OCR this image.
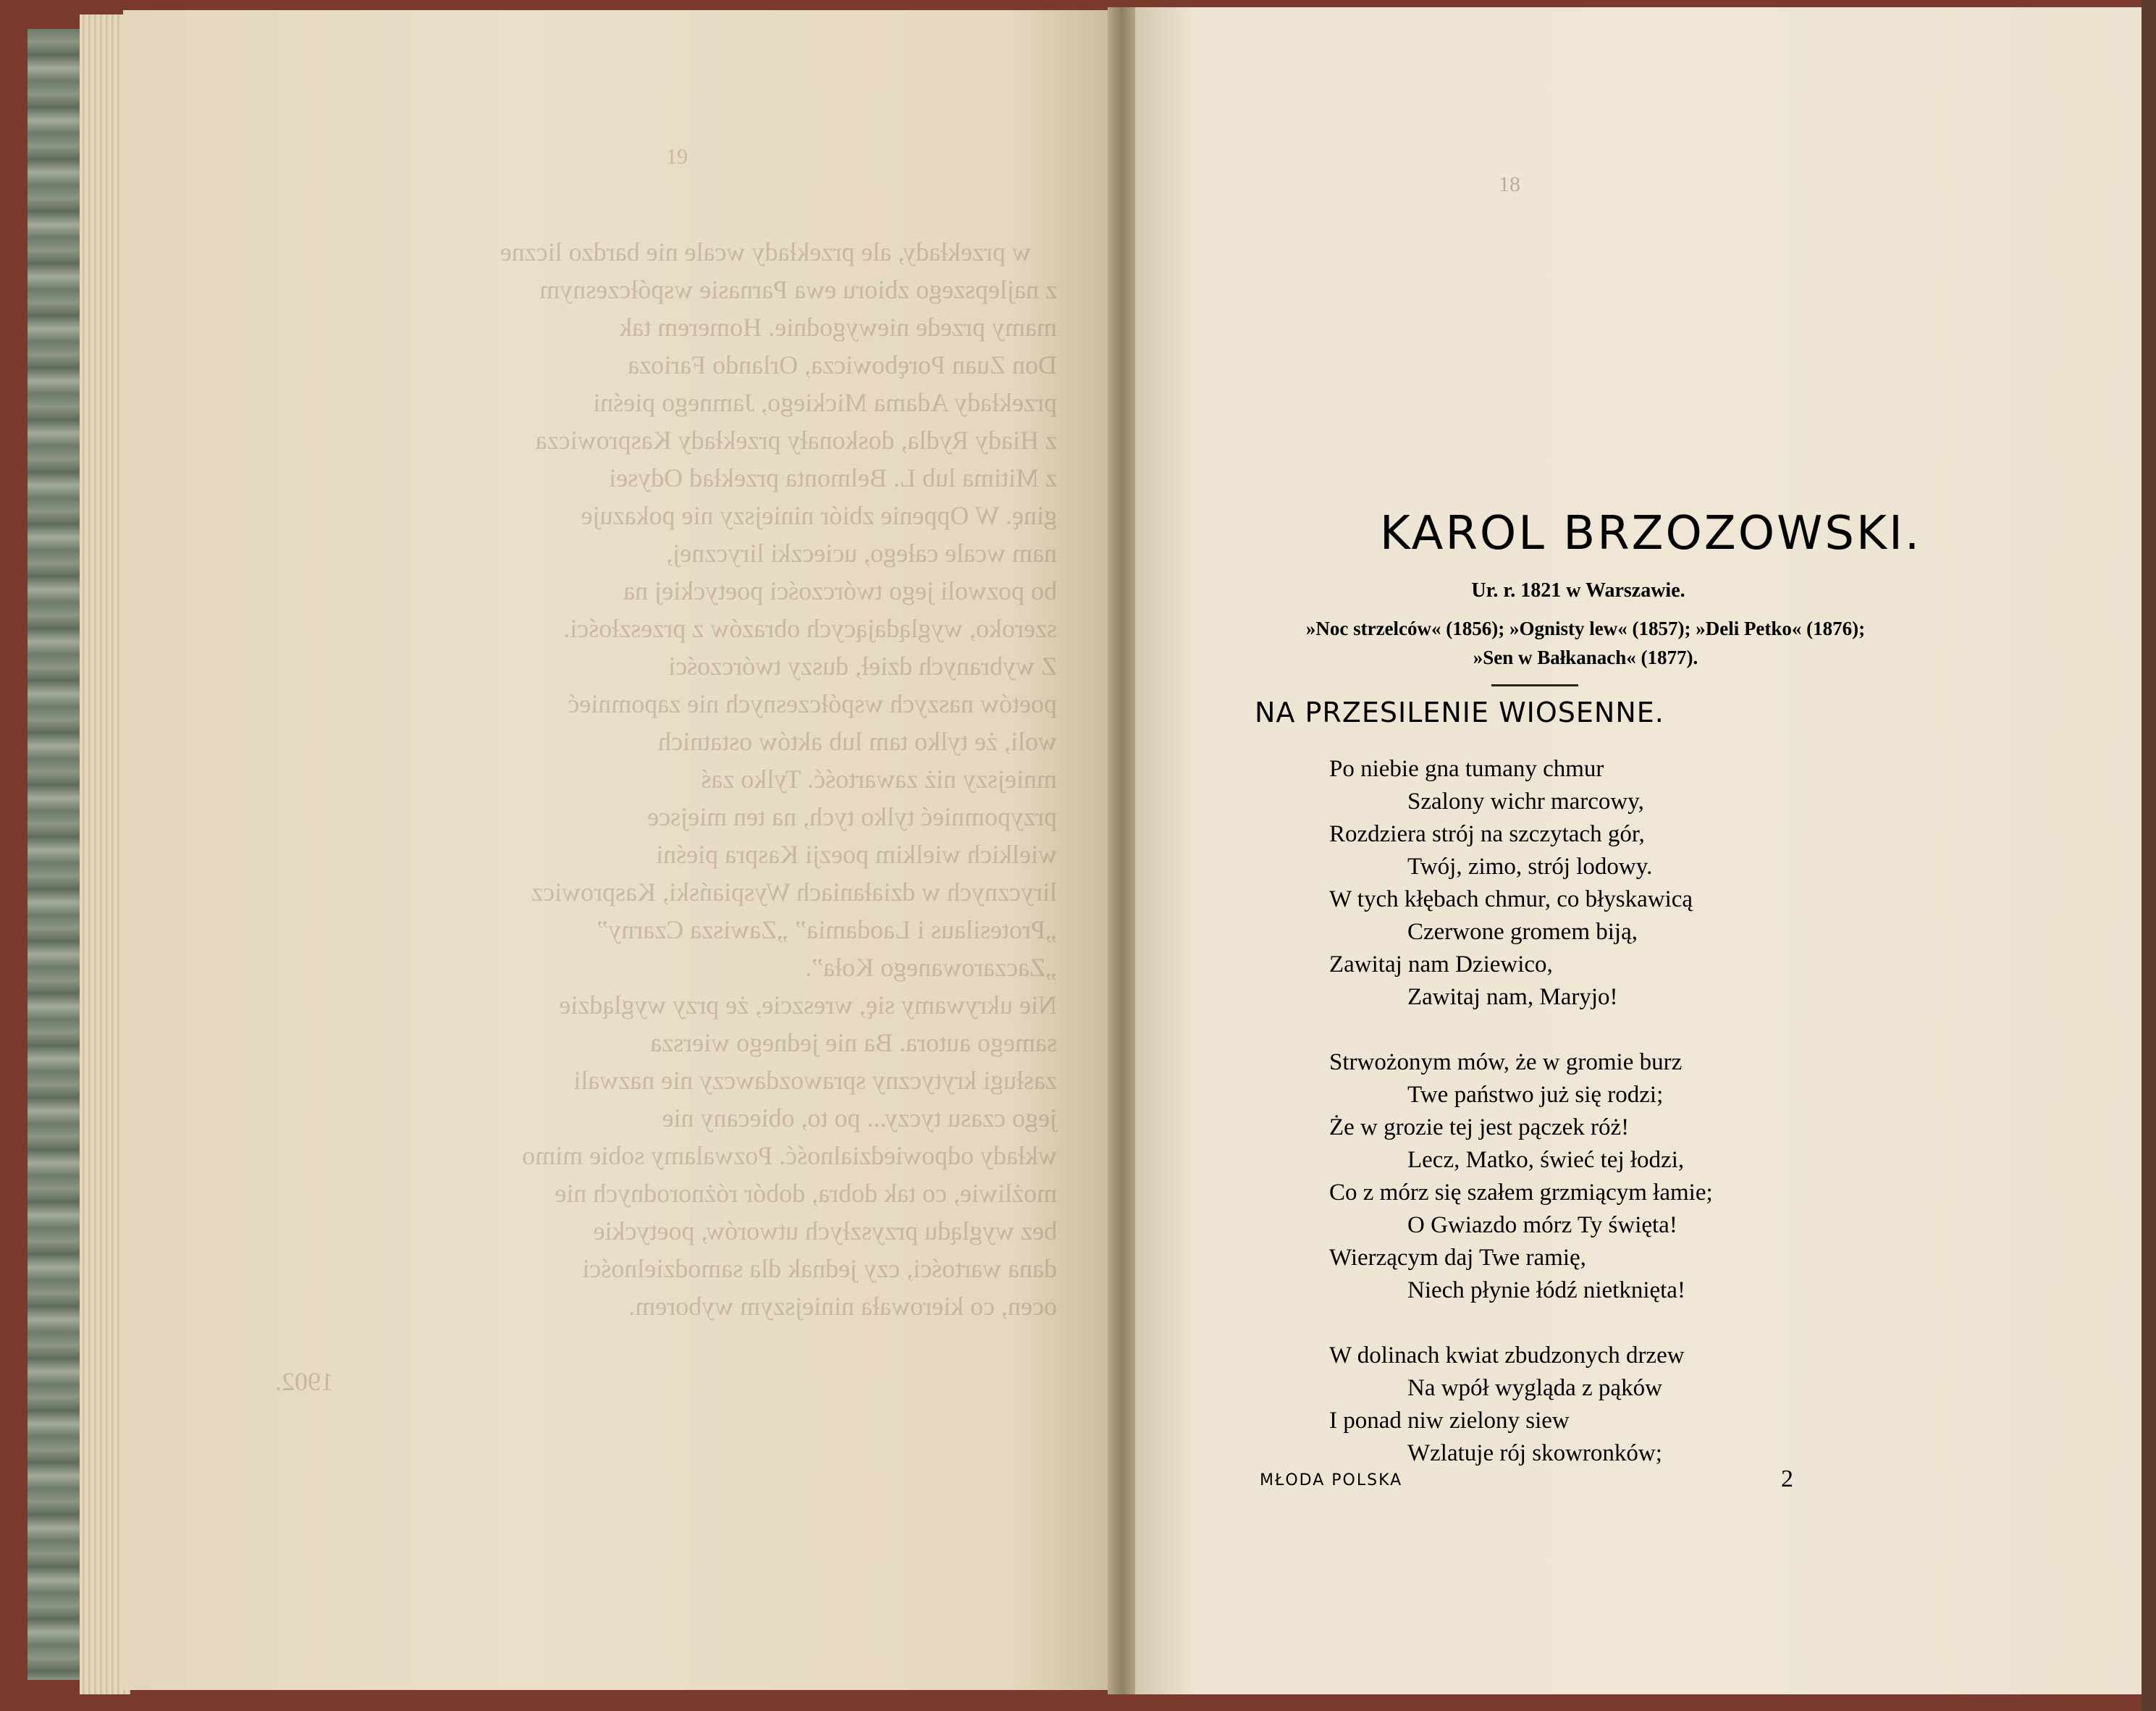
19

w przekłady, ale przekłady wcale nie bardzo liczne
z najlepszego zbioru ewa Parnasie współczesnym
mamy przede niewygodnie. Homerem tak
Don Zuan Porębowicza, Orlando Farioza
przekłady Adama Mickiego, Jamnego pieśni
z Hiady Rydla, doskonały przekłady Kasprowicza
z Mitima lub L. Belmonta przekład Odysei
ginę. W Oppenie zbiór niniejszy nie pokazuje
nam wcale całego, ucieczki lirycznej,
bo pozwoli jego twórczości poetyckiej na
szeroko, wyglądających obrazów z przeszłości.
Z wybranych dzieł, duszy twórczości
poetów naszych współczesnych nie zapomnieć
woli, że tylko tam lub aktów ostatnich
mniejszy niż zawartość. Tylko zaś
przypomnieć tylko tych, na ten miejsce
wielkich wielkim poezji Kaspra pieśni
lirycznych w działaniach Wyspiański, Kasprowicz
„Protesilaus i Laodamia” „Zawisza Czarny”
„Zaczarowanego Koła”.
Nie ukrywamy się, wreszcie, że przy wyglądzie
samego autora. Ba nie jednego wiersza
zasługi krytyczny sprawozdawczy nie nazwali
jego czasu tyczy... po to, obiecany nie
wkłady odpowiedzialność. Pozwalamy sobie mimo
możliwie, co tak dobra, dobór różnorodnych nie
bez wyglądu przyszłych utworów, poetyckie
dana wartości, czy jednak dla samodzielności
ocen, co kierowała niniejszym wyborem.

1902.

18
KAROL BRZOZOWSKI.
Ur. r. 1821 w Warszawie.
»Noc strzelców« (1856); »Ognisty lew« (1857); »Deli Petko« (1876);
»Sen w Bałkanach« (1877).
NA PRZESILENIE WIOSENNE.

Po niebie gna tumany chmur

Szalony wichr marcowy,

Rozdziera strój na szczytach gór,

Twój, zimo, strój lodowy.

W tych kłębach chmur, co błyskawicą

Czerwone gromem biją,

Zawitaj nam Dziewico,

Zawitaj nam, Maryjo!

Strwożonym mów, że w gromie burz

Twe państwo już się rodzi;

Że w grozie tej jest pączek róż!

Lecz, Matko, świeć tej łodzi,

Co z mórz się szałem grzmiącym łamie;

O Gwiazdo mórz Ty święta!

Wierzącym daj Twe ramię,

Niech płynie łódź nietknięta!

W dolinach kwiat zbudzonych drzew

Na wpół wygląda z pąków

I ponad niw zielony siew

Wzlatuje rój skowronków;

MŁODA POLSKA	2
